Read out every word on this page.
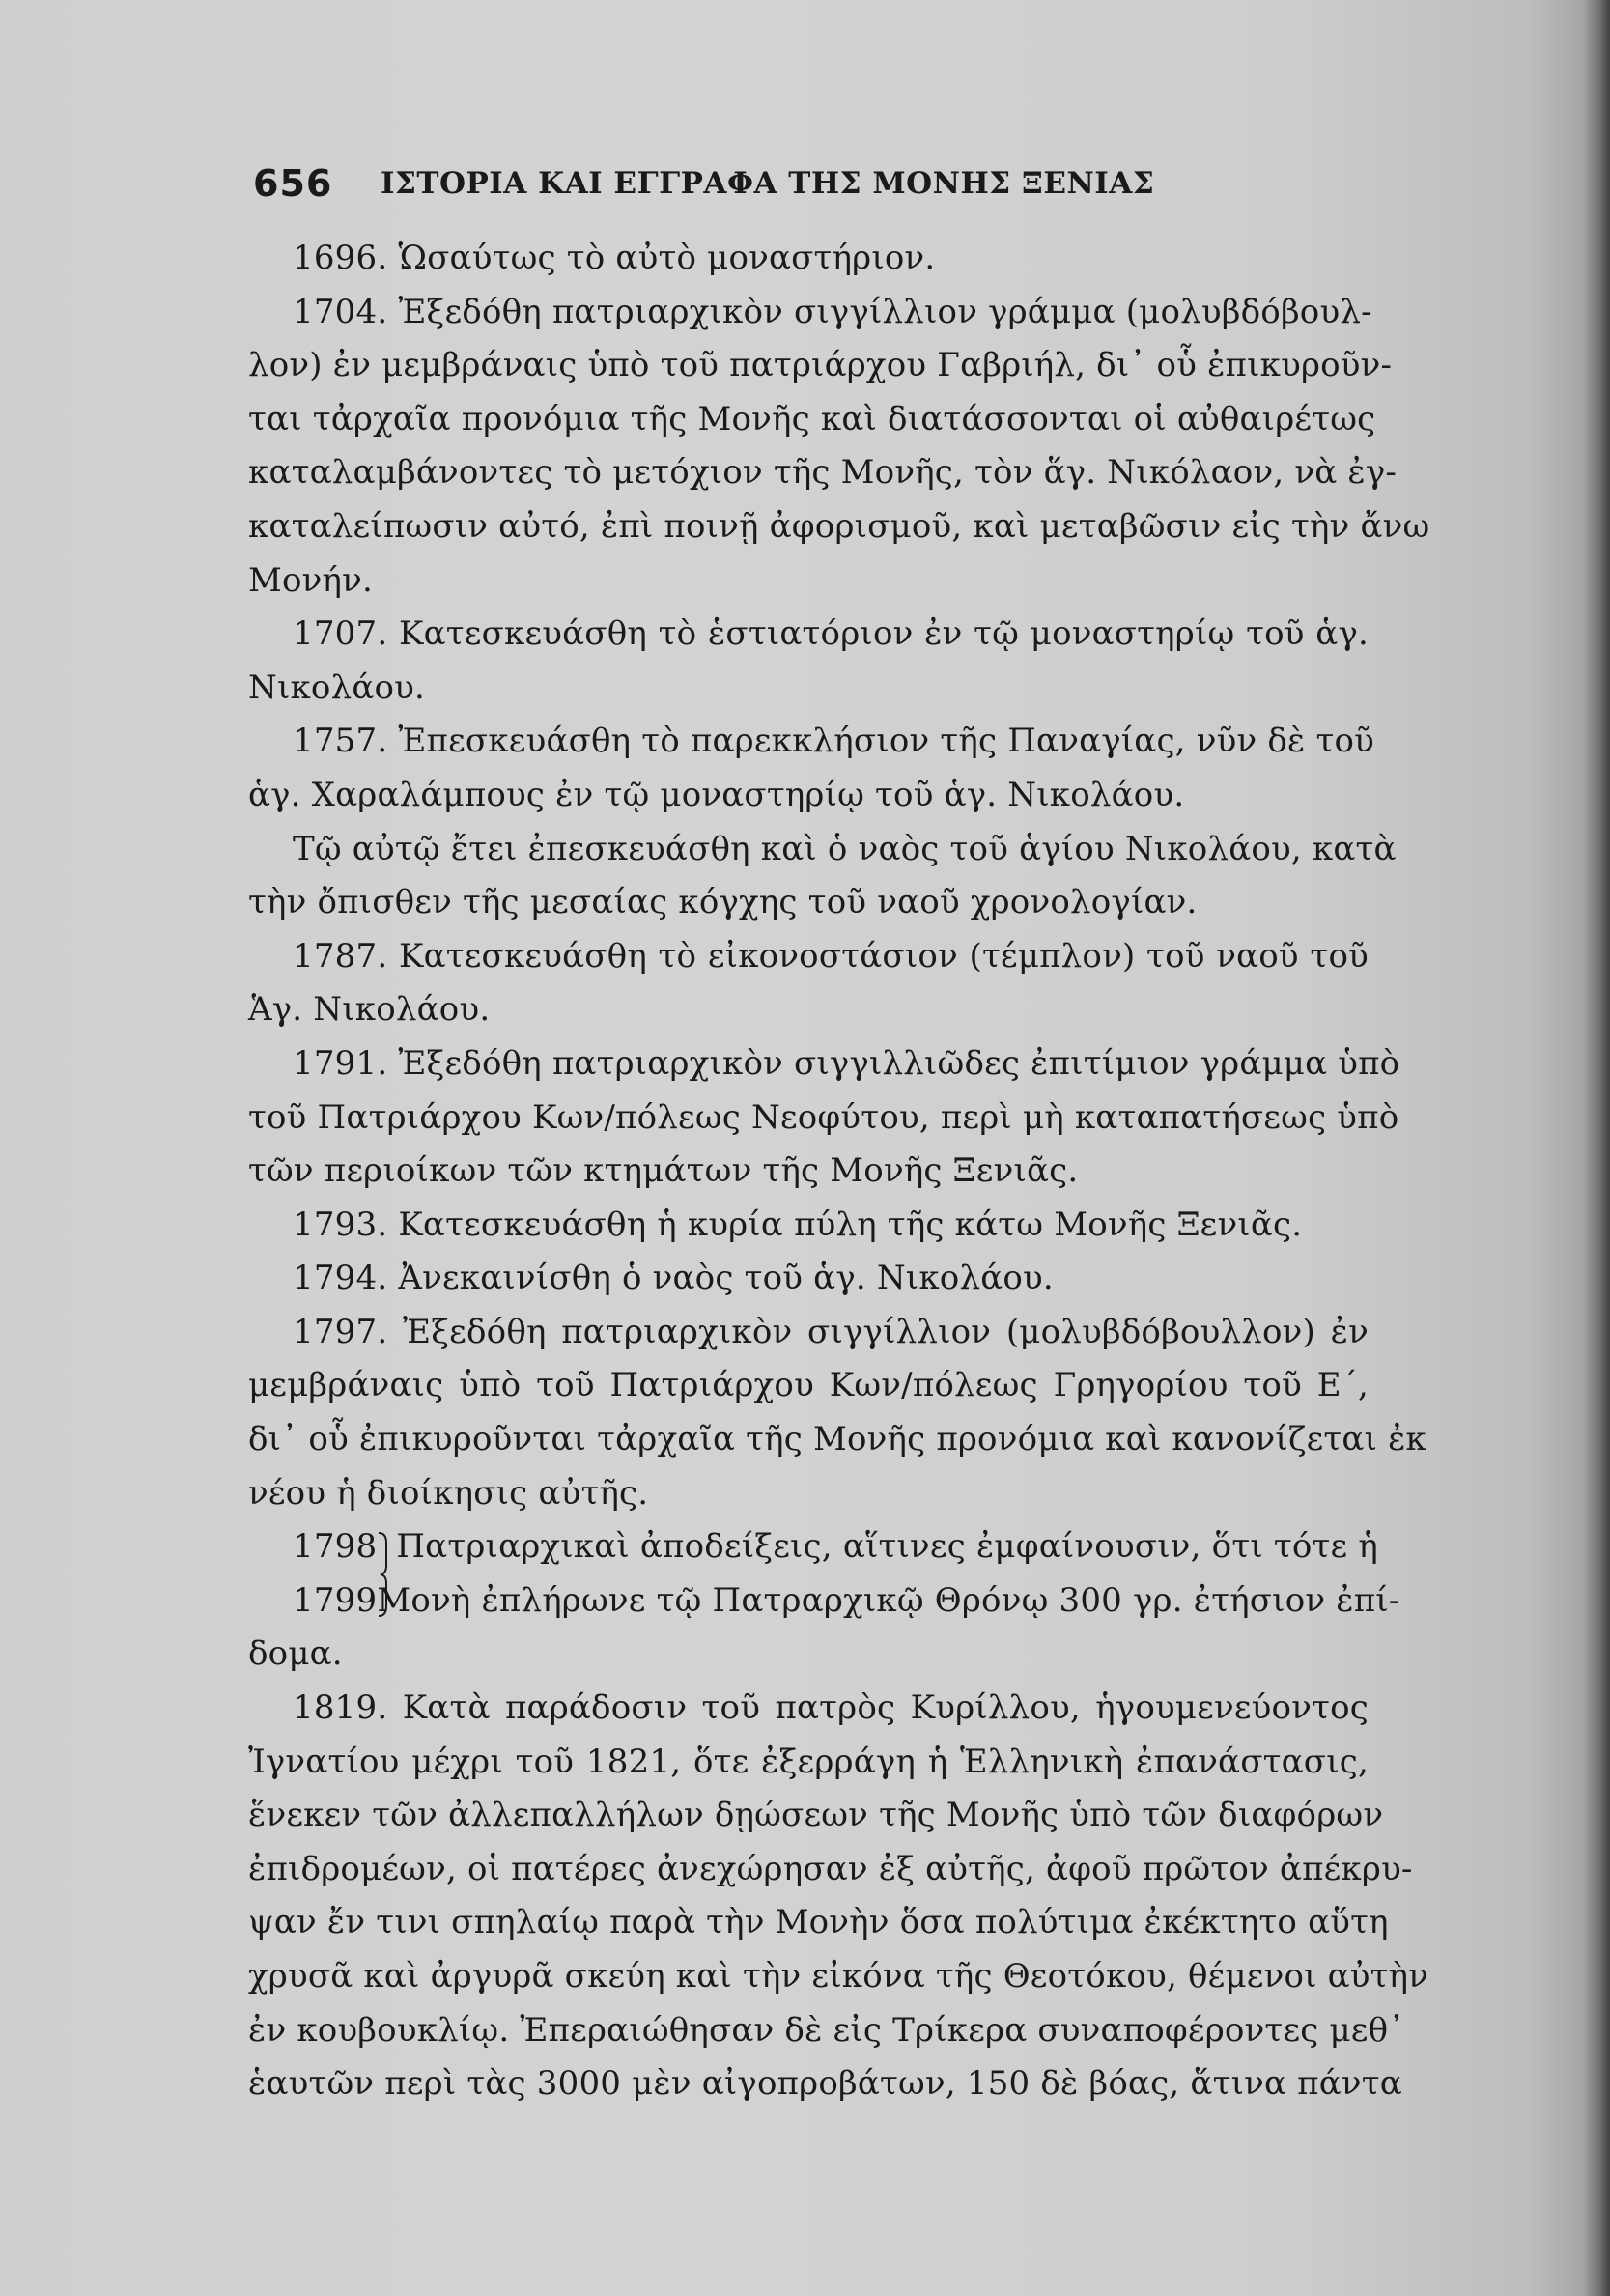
656 ΙΣΤΟΡΙΑ ΚΑΙ ΕΓΓΡΑΦΑ ΤΗΣ ΜΟΝΗΣ ΞΕΝΙΑΣ
1696. Ὡσαύτως τὸ αὐτὸ μοναστήριον.
1704. Ἐξεδόθη πατριαρχικὸν σιγγίλλιον γράμμα (μολυβδόβουλ-
λον) ἐν μεμβράναις ὑπὸ τοῦ πατριάρχου Γαβριήλ, δι᾽ οὗ ἐπικυροῦν-
ται τἀρχαῖα προνόμια τῆς Μονῆς καὶ διατάσσονται οἱ αὐθαιρέτως
καταλαμβάνοντες τὸ μετόχιον τῆς Μονῆς, τὸν ἅγ. Νικόλαον, νὰ ἐγ-
καταλείπωσιν αὐτό, ἐπὶ ποινῇ ἀφορισμοῦ, καὶ μεταβῶσιν εἰς τὴν ἄνω
Μονήν.
1707. Κατεσκευάσθη τὸ ἑστιατόριον ἐν τῷ μοναστηρίῳ τοῦ ἁγ.
Νικολάου.
1757. Ἐπεσκευάσθη τὸ παρεκκλήσιον τῆς Παναγίας, νῦν δὲ τοῦ
ἁγ. Χαραλάμπους ἐν τῷ μοναστηρίῳ τοῦ ἁγ. Νικολάου.
Τῷ αὐτῷ ἔτει ἐπεσκευάσθη καὶ ὁ ναὸς τοῦ ἁγίου Νικολάου, κατὰ
τὴν ὄπισθεν τῆς μεσαίας κόγχης τοῦ ναοῦ χρονολογίαν.
1787. Κατεσκευάσθη τὸ εἰκονοστάσιον (τέμπλον) τοῦ ναοῦ τοῦ
Ἁγ. Νικολάου.
1791. Ἐξεδόθη πατριαρχικὸν σιγγιλλιῶδες ἐπιτίμιον γράμμα ὑπὸ
τοῦ Πατριάρχου Κων/πόλεως Νεοφύτου, περὶ μὴ καταπατήσεως ὑπὸ
τῶν περιοίκων τῶν κτημάτων τῆς Μονῆς Ξενιᾶς.
1793. Κατεσκευάσθη ἡ κυρία πύλη τῆς κάτω Μονῆς Ξενιᾶς.
1794. Ἀνεκαινίσθη ὁ ναὸς τοῦ ἁγ. Νικολάου.
1797. Ἐξεδόθη πατριαρχικὸν σιγγίλλιον (μολυβδόβουλλον) ἐν
μεμβράναις ὑπὸ τοῦ Πατριάρχου Κων/πόλεως Γρηγορίου τοῦ Ε΄,
δι᾽ οὗ ἐπικυροῦνται τἀρχαῖα τῆς Μονῆς προνόμια καὶ κανονίζεται ἐκ
νέου ἡ διοίκησις αὐτῆς.
1798 Πατριαρχικαὶ ἀποδείξεις, αἵτινες ἐμφαίνουσιν, ὅτι τότε ἡ
1799 Μονὴ ἐπλήρωνε τῷ Πατραρχικῷ Θρόνῳ 300 γρ. ἐτήσιον ἐπί-
δομα.
1819. Κατὰ παράδοσιν τοῦ πατρὸς Κυρίλλου, ἡγουμενεύοντος
Ἰγνατίου μέχρι τοῦ 1821, ὅτε ἐξερράγη ἡ Ἑλληνικὴ ἐπανάστασις,
ἕνεκεν τῶν ἀλλεπαλλήλων δῃώσεων τῆς Μονῆς ὑπὸ τῶν διαφόρων
ἐπιδρομέων, οἱ πατέρες ἀνεχώρησαν ἐξ αὐτῆς, ἀφοῦ πρῶτον ἀπέκρυ-
ψαν ἔν τινι σπηλαίῳ παρὰ τὴν Μονὴν ὅσα πολύτιμα ἐκέκτητο αὕτη
χρυσᾶ καὶ ἀργυρᾶ σκεύη καὶ τὴν εἰκόνα τῆς Θεοτόκου, θέμενοι αὐτὴν
ἐν κουβουκλίῳ. Ἐπεραιώθησαν δὲ εἰς Τρίκερα συναποφέροντες μεθ᾽
ἑαυτῶν περὶ τὰς 3000 μὲν αἰγοπροβάτων, 150 δὲ βόας, ἅτινα πάντα
